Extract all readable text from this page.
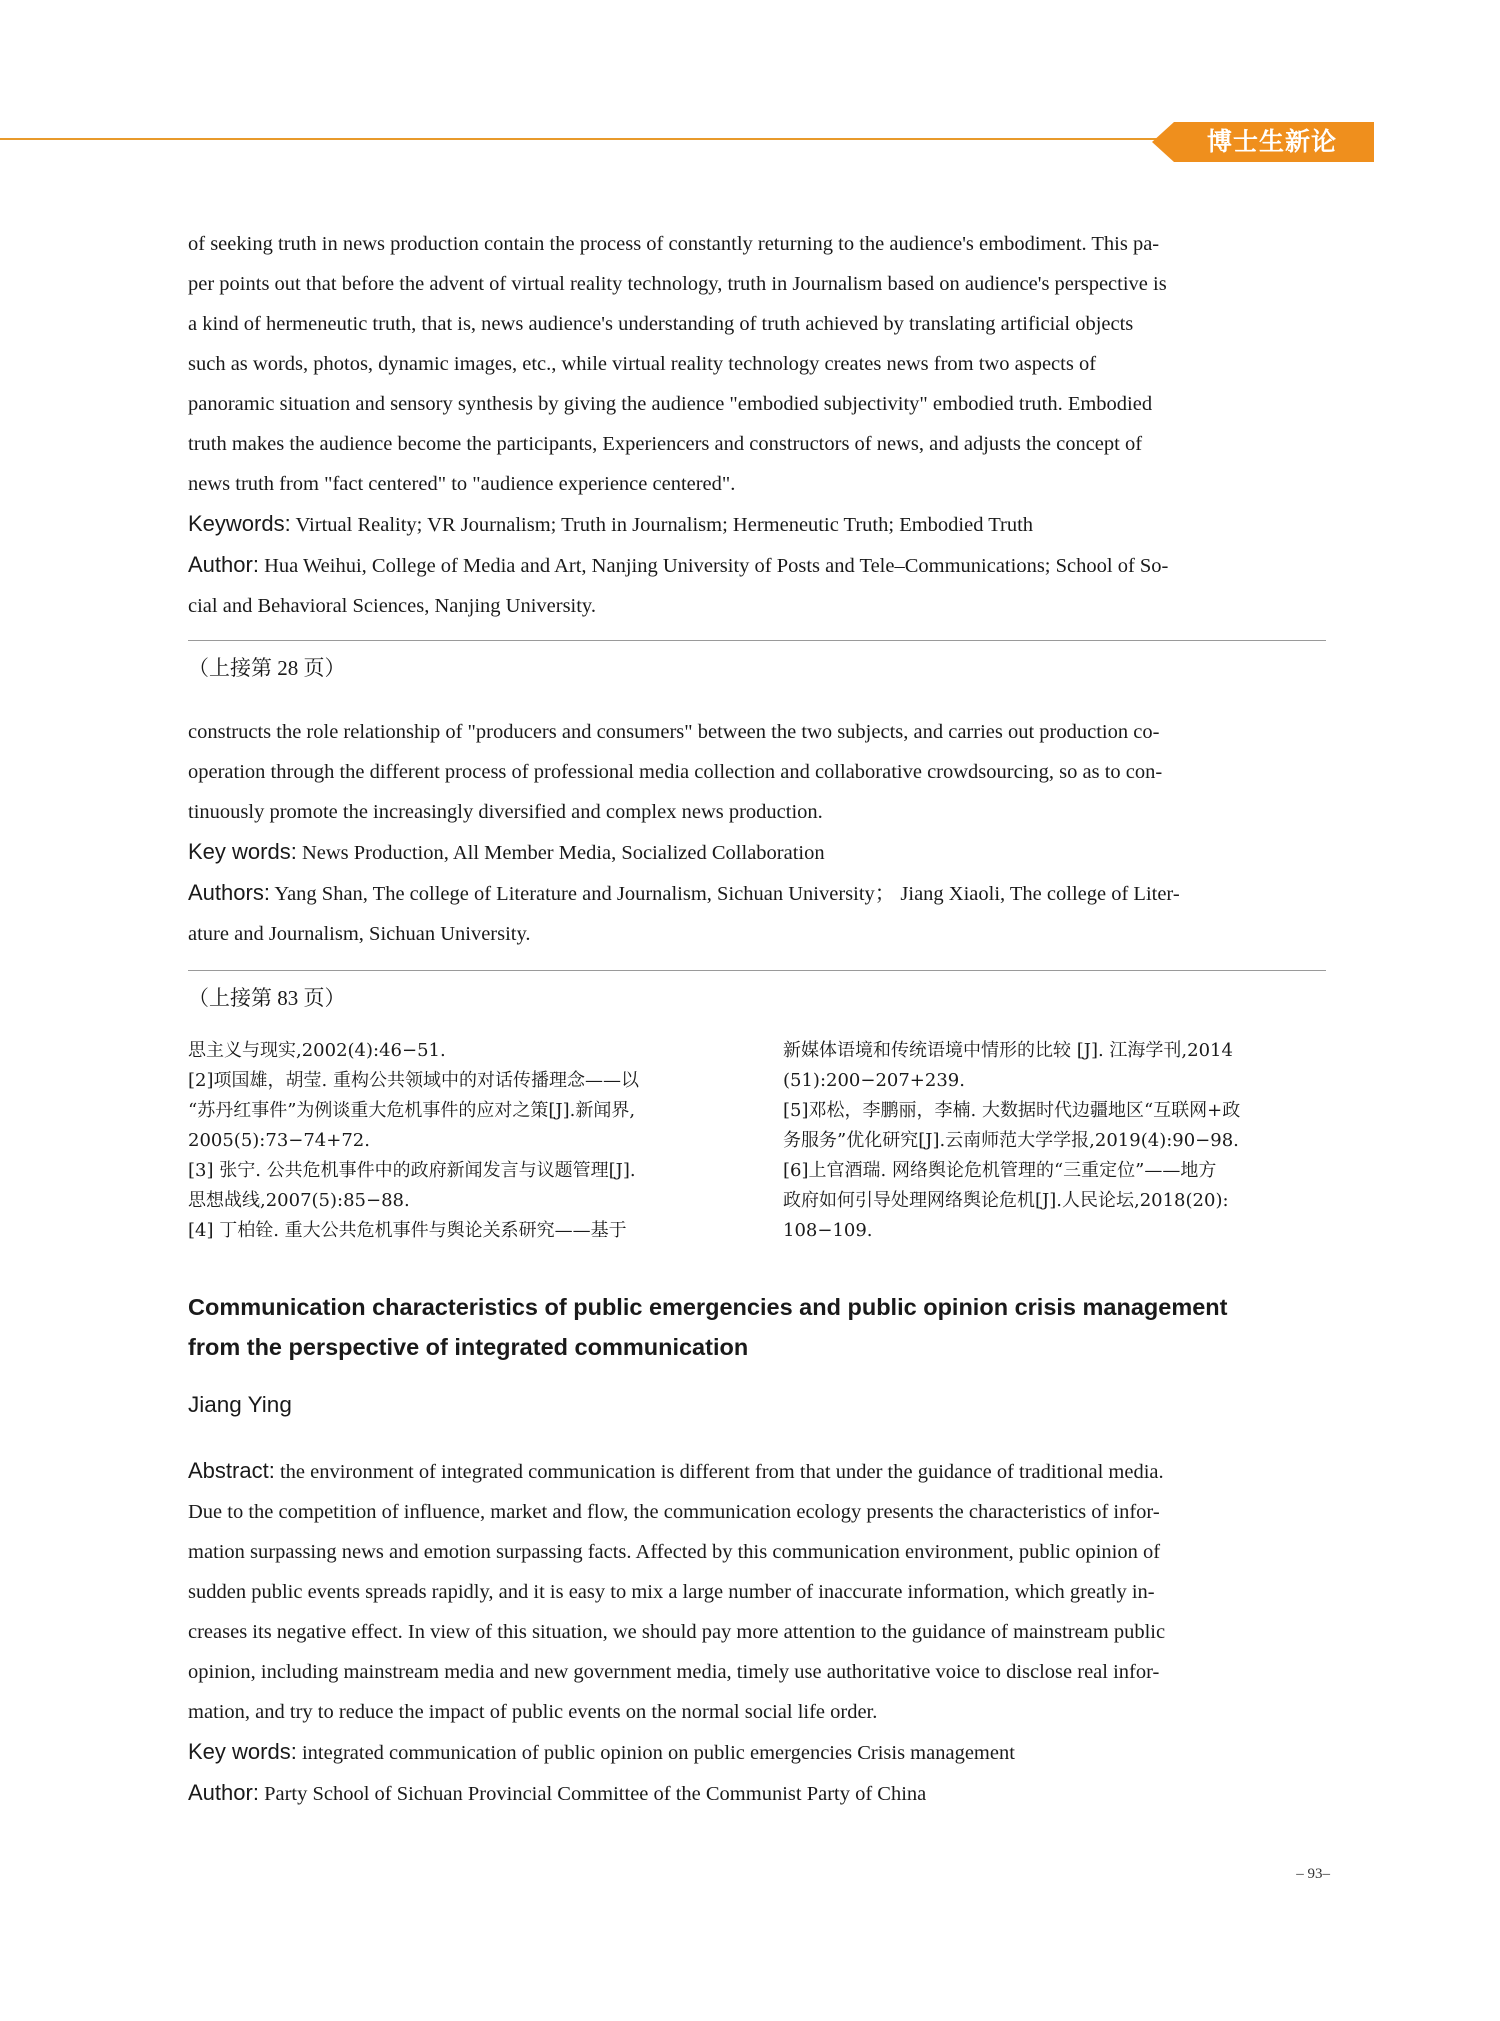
博士生新论

of seeking truth in news production contain the process of constantly returning to the audience's embodiment. This pa-

per points out that before the advent of virtual reality technology, truth in Journalism based on audience's perspective is

a kind of hermeneutic truth, that is, news audience's understanding of truth achieved by translating artificial objects

such as words, photos, dynamic images, etc., while virtual reality technology creates news from two aspects of

panoramic situation and sensory synthesis by giving the audience "embodied subjectivity" embodied truth. Embodied

truth makes the audience become the participants, Experiencers and constructors of news, and adjusts the concept of

news truth from "fact centered" to "audience experience centered".

Keywords: Virtual Reality; VR Journalism; Truth in Journalism; Hermeneutic Truth; Embodied Truth

Author: Hua Weihui, College of Media and Art, Nanjing University of Posts and Tele–Communications; School of So-

cial and Behavioral Sciences, Nanjing University.

（上接第 28 页）

constructs the role relationship of "producers and consumers" between the two subjects, and carries out production co-

operation through the different process of professional media collection and collaborative crowdsourcing, so as to con-

tinuously promote the increasingly diversified and complex news production.

Key words: News Production, All Member Media, Socialized Collaboration

Authors: Yang Shan, The college of Literature and Journalism, Sichuan University； Jiang Xiaoli, The college of Liter-

ature and Journalism, Sichuan University.

（上接第 83 页）

思主义与现实,2002(4):46−51.

[2]项国雄，胡莹. 重构公共领域中的对话传播理念——以

“苏丹红事件”为例谈重大危机事件的应对之策[J].新闻界,

2005(5):73−74+72.

[3] 张宁. 公共危机事件中的政府新闻发言与议题管理[J].

思想战线,2007(5):85−88.

[4] 丁柏铨. 重大公共危机事件与舆论关系研究——基于

新媒体语境和传统语境中情形的比较 [J]. 江海学刊,2014

(51):200−207+239.

[5]邓松，李鹏丽，李楠. 大数据时代边疆地区“互联网+政

务服务”优化研究[J].云南师范大学学报,2019(4):90−98.

[6]上官酒瑞. 网络舆论危机管理的“三重定位”——地方

政府如何引导处理网络舆论危机[J].人民论坛,2018(20):

108−109.

Communication characteristics of public emergencies and public opinion crisis management

from the perspective of integrated communication

Jiang Ying

Abstract: the environment of integrated communication is different from that under the guidance of traditional media.

Due to the competition of influence, market and flow, the communication ecology presents the characteristics of infor-

mation surpassing news and emotion surpassing facts. Affected by this communication environment, public opinion of

sudden public events spreads rapidly, and it is easy to mix a large number of inaccurate information, which greatly in-

creases its negative effect. In view of this situation, we should pay more attention to the guidance of mainstream public

opinion, including mainstream media and new government media, timely use authoritative voice to disclose real infor-

mation, and try to reduce the impact of public events on the normal social life order.

Key words: integrated communication of public opinion on public emergencies Crisis management

Author: Party School of Sichuan Provincial Committee of the Communist Party of China

– 93–
